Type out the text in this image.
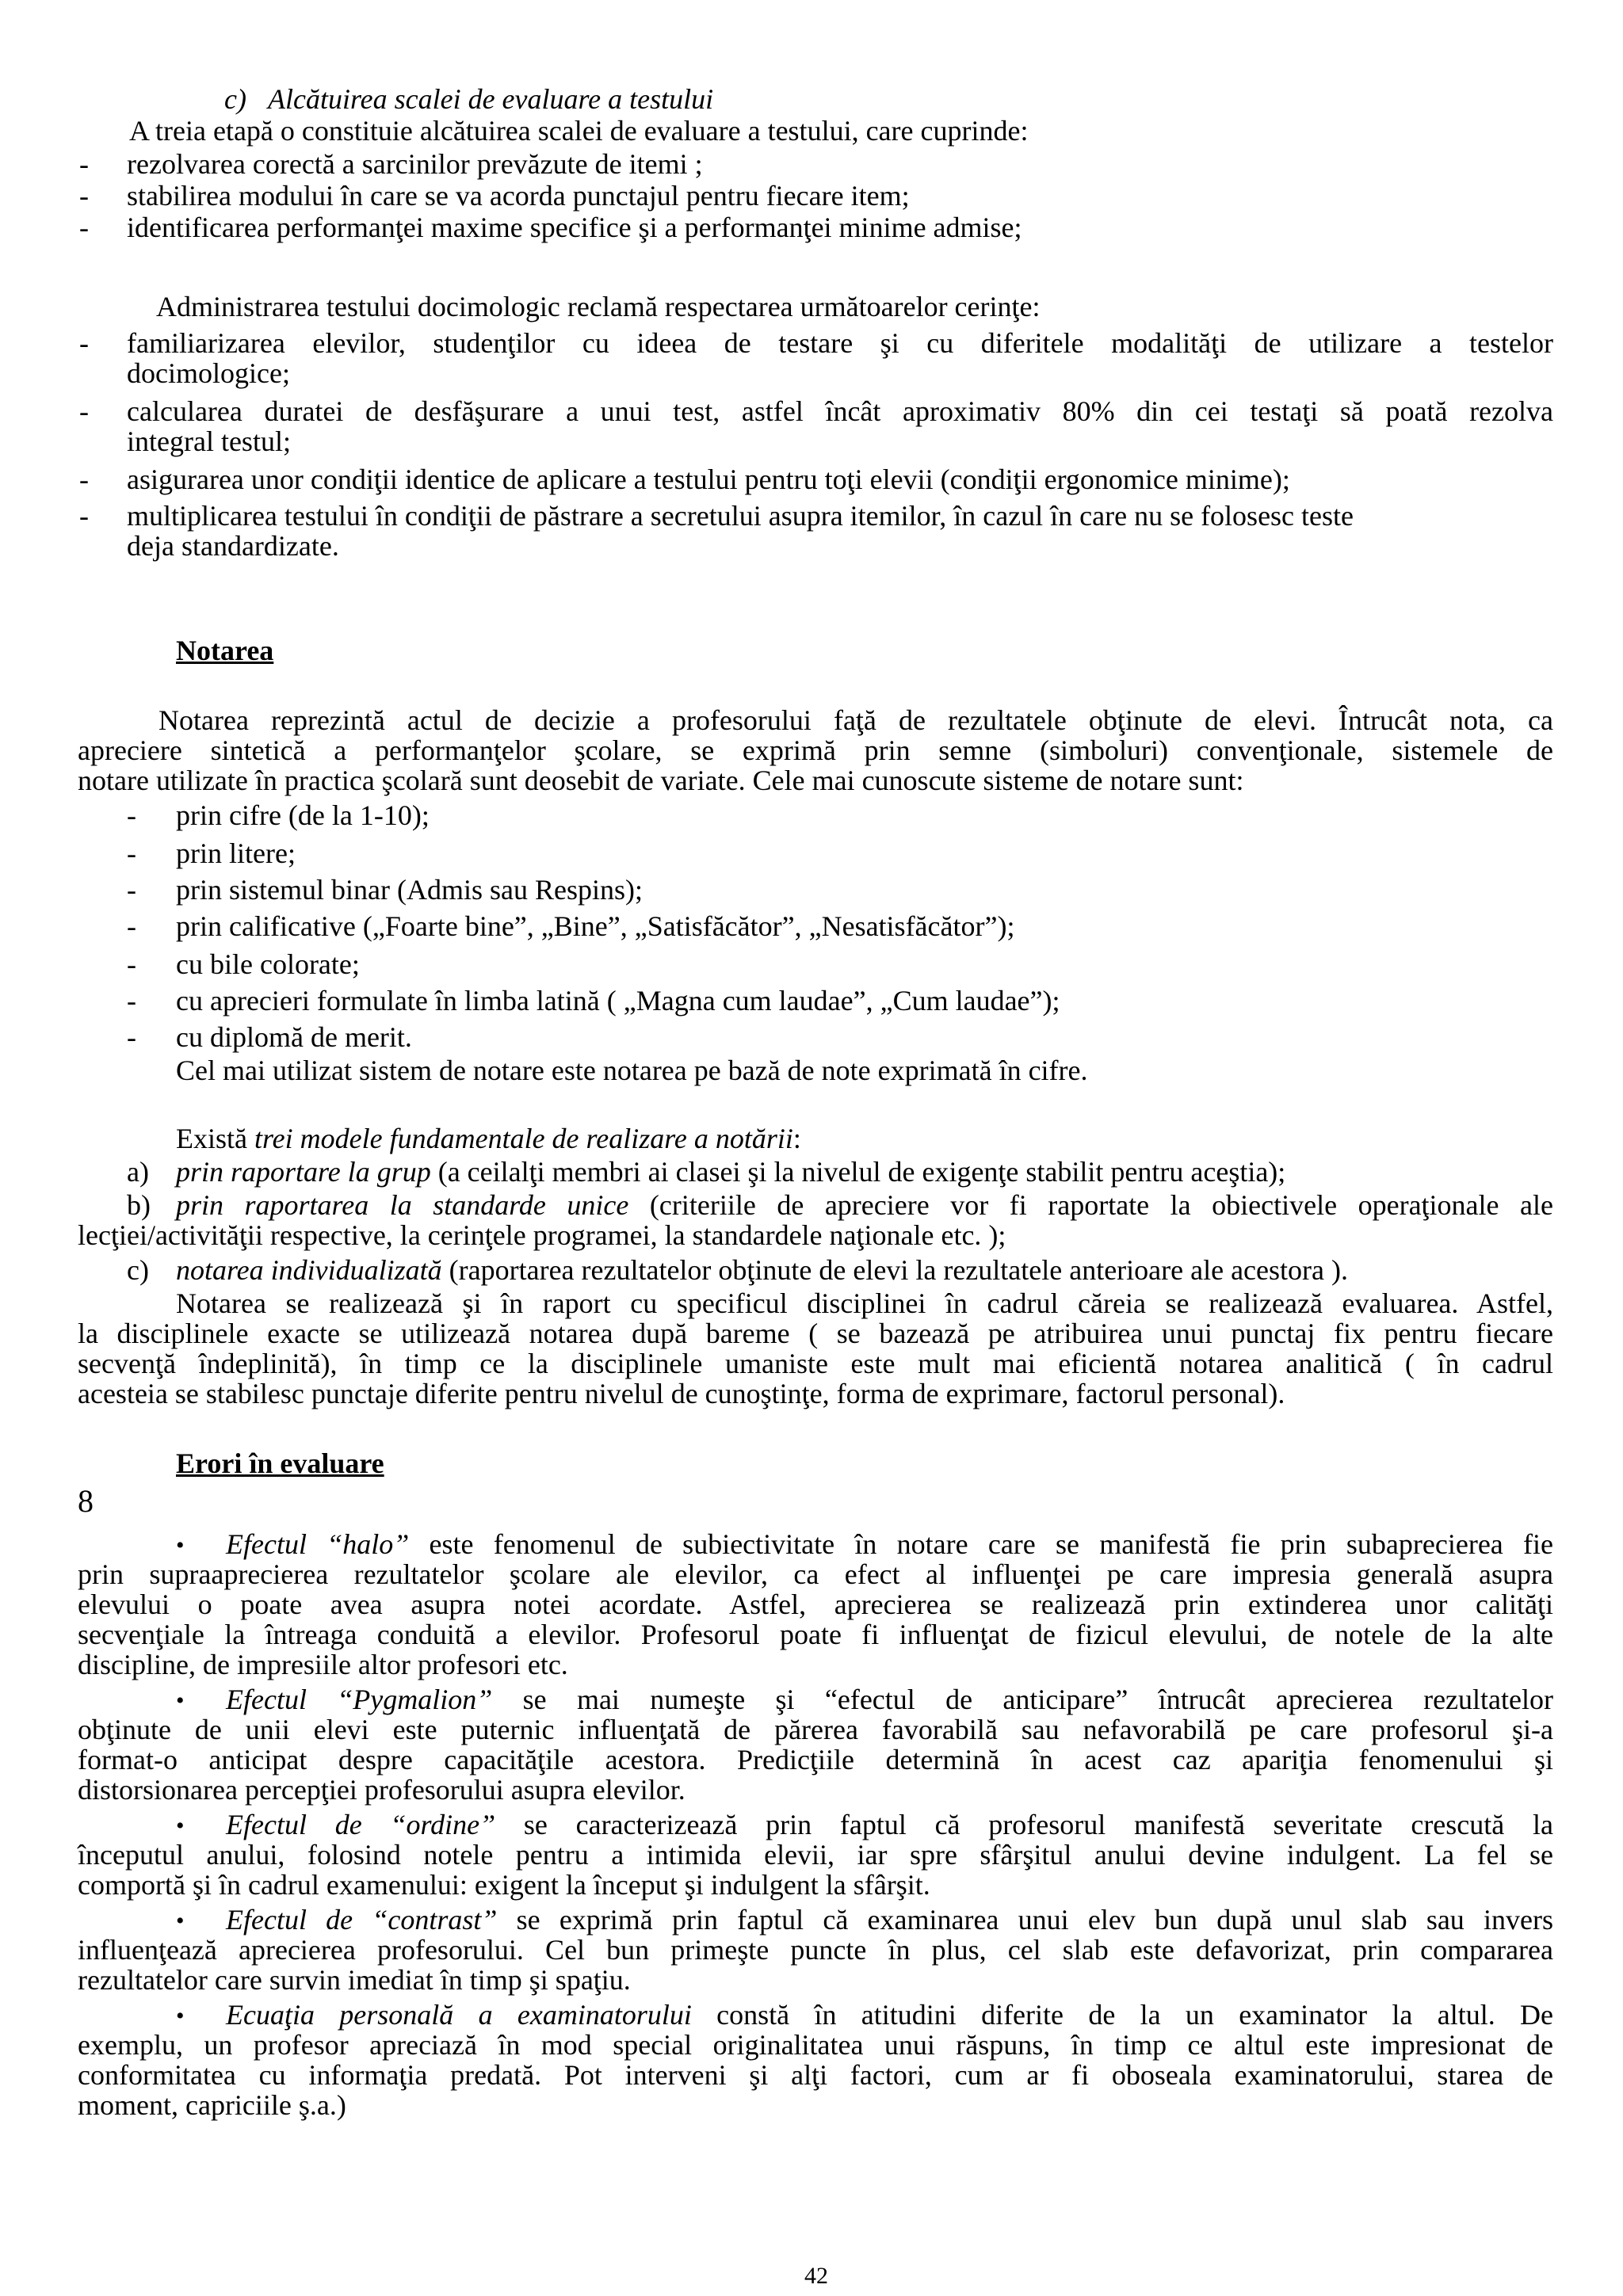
c) Alcătuirea scalei de evaluare a testului
A treia etapă o constituie alcătuirea scalei de evaluare a testului, care cuprinde:
- rezolvarea corectă a sarcinilor prevăzute de itemi ;
- stabilirea modului în care se va acorda punctajul pentru fiecare item;
- identificarea performanţei maxime specifice şi a performanţei minime admise;
Administrarea testului docimologic reclamă respectarea următoarelor cerinţe:
- familiarizarea elevilor, studenţilor cu ideea de testare şi cu diferitele modalităţi de utilizare a testelor
docimologice;
- calcularea duratei de desfăşurare a unui test, astfel încât aproximativ 80% din cei testaţi să poată rezolva
integral testul;
- asigurarea unor condiţii identice de aplicare a testului pentru toţi elevii (condiţii ergonomice minime);
- multiplicarea testului în condiţii de păstrare a secretului asupra itemilor, în cazul în care nu se folosesc teste
deja standardizate.
Notarea
Notarea reprezintă actul de decizie a profesorului faţă de rezultatele obţinute de elevi. Întrucât nota, ca
apreciere sintetică a performanţelor şcolare, se exprimă prin semne (simboluri) convenţionale, sistemele de
notare utilizate în practica şcolară sunt deosebit de variate. Cele mai cunoscute sisteme de notare sunt:
- prin cifre (de la 1-10);
- prin litere;
- prin sistemul binar (Admis sau Respins);
- prin calificative („Foarte bine”, „Bine”, „Satisfăcător”, „Nesatisfăcător”);
- cu bile colorate;
- cu aprecieri formulate în limba latină ( „Magna cum laudae”, „Cum laudae”);
- cu diplomă de merit.
Cel mai utilizat sistem de notare este notarea pe bază de note exprimată în cifre.
Există trei modele fundamentale de realizare a notării:
a) prin raportare la grup (a ceilalţi membri ai clasei şi la nivelul de exigenţe stabilit pentru aceştia);
b) prin raportarea la standarde unice (criteriile de apreciere vor fi raportate la obiectivele operaţionale ale
lecţiei/activităţii respective, la cerinţele programei, la standardele naţionale etc. );
c) notarea individualizată (raportarea rezultatelor obţinute de elevi la rezultatele anterioare ale acestora ).
Notarea se realizează şi în raport cu specificul disciplinei în cadrul căreia se realizează evaluarea. Astfel,
la disciplinele exacte se utilizează notarea după bareme ( se bazează pe atribuirea unui punctaj fix pentru fiecare
secvenţă îndeplinită), în timp ce la disciplinele umaniste este mult mai eficientă notarea analitică ( în cadrul
acesteia se stabilesc punctaje diferite pentru nivelul de cunoştinţe, forma de exprimare, factorul personal).
Erori în evaluare
8
• Efectul “halo” este fenomenul de subiectivitate în notare care se manifestă fie prin subaprecierea fie
prin supraaprecierea rezultatelor şcolare ale elevilor, ca efect al influenţei pe care impresia generală asupra
elevului o poate avea asupra notei acordate. Astfel, aprecierea se realizează prin extinderea unor calităţi
secvenţiale la întreaga conduită a elevilor. Profesorul poate fi influenţat de fizicul elevului, de notele de la alte
discipline, de impresiile altor profesori etc.
• Efectul “Pygmalion” se mai numeşte şi “efectul de anticipare” întrucât aprecierea rezultatelor
obţinute de unii elevi este puternic influenţată de părerea favorabilă sau nefavorabilă pe care profesorul şi-a
format-o anticipat despre capacităţile acestora. Predicţiile determină în acest caz apariţia fenomenului şi
distorsionarea percepţiei profesorului asupra elevilor.
• Efectul de “ordine” se caracterizează prin faptul că profesorul manifestă severitate crescută la
începutul anului, folosind notele pentru a intimida elevii, iar spre sfârşitul anului devine indulgent. La fel se
comportă şi în cadrul examenului: exigent la început şi indulgent la sfârşit.
• Efectul de “contrast” se exprimă prin faptul că examinarea unui elev bun după unul slab sau invers
influenţează aprecierea profesorului. Cel bun primeşte puncte în plus, cel slab este defavorizat, prin compararea
rezultatelor care survin imediat în timp şi spaţiu.
• Ecuaţia personală a examinatorului constă în atitudini diferite de la un examinator la altul. De
exemplu, un profesor apreciază în mod special originalitatea unui răspuns, în timp ce altul este impresionat de
conformitatea cu informaţia predată. Pot interveni şi alţi factori, cum ar fi oboseala examinatorului, starea de
moment, capriciile ş.a.)
42
